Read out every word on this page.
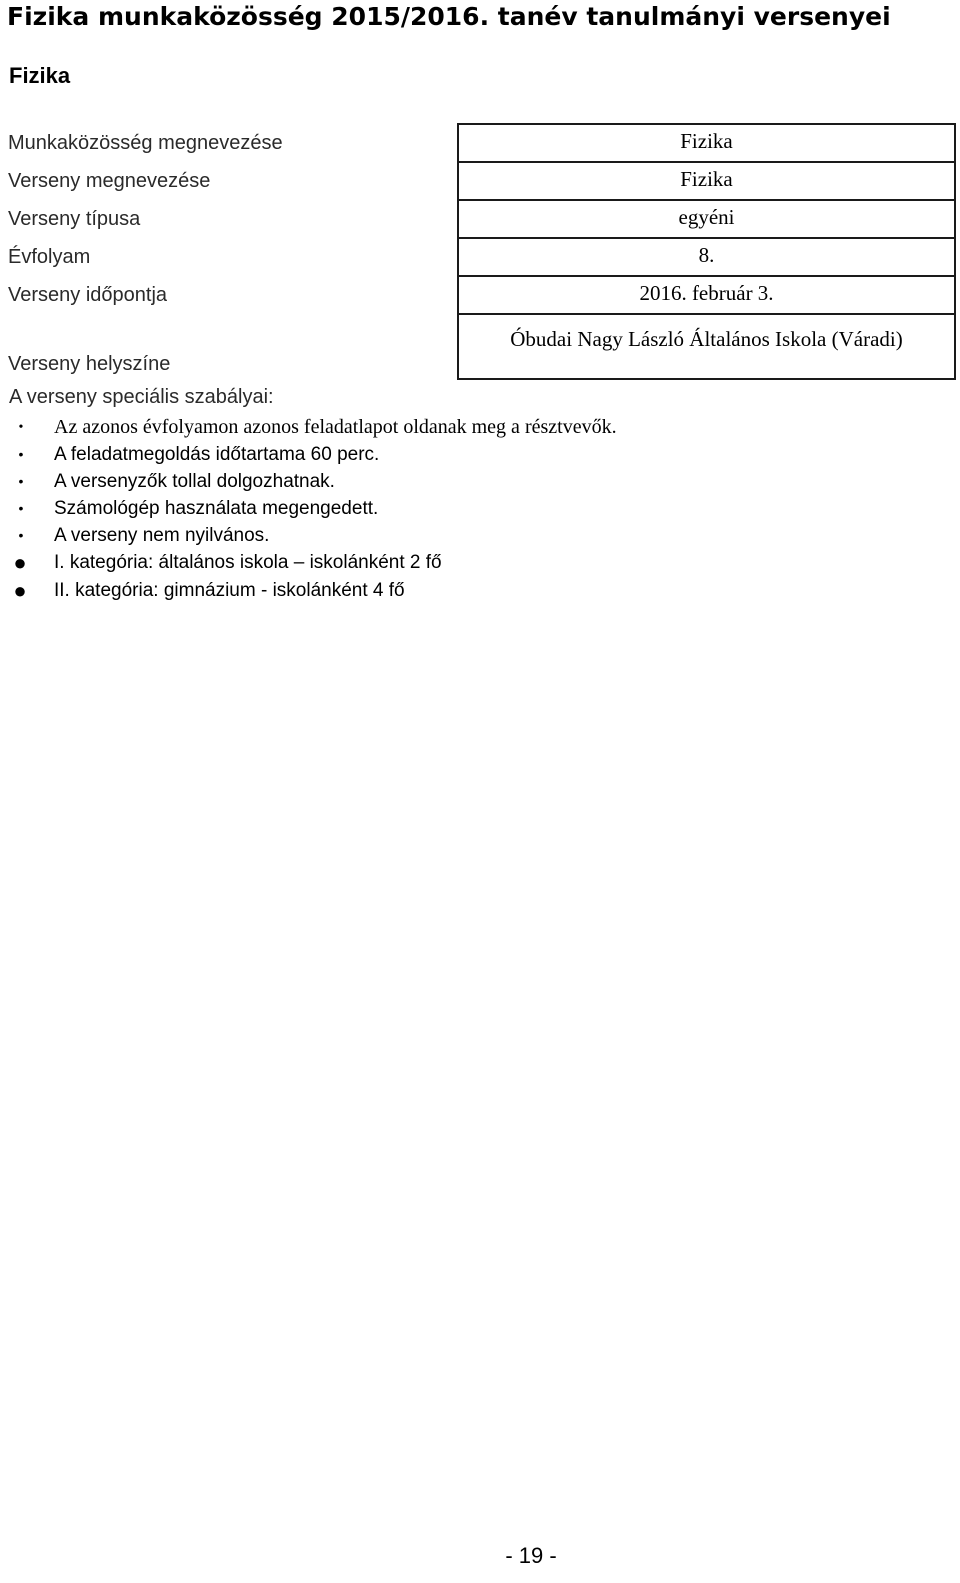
Fizika munkaközösség 2015/2016. tanév tanulmányi versenyei
Fizika
Munkaközösség megnevezése	Fizika
Verseny megnevezése	Fizika
Verseny típusa	egyéni
Évfolyam	8.
Verseny időpontja	2016. február 3.
Verseny helyszíne	Óbudai Nagy László Általános Iskola (Váradi)

A verseny speciális szabályai:

• Az azonos évfolyamon azonos feladatlapot oldanak meg a résztvevők.
• A feladatmegoldás időtartama 60 perc.
• A versenyzők tollal dolgozhatnak.
• Számológép használata megengedett.
• A verseny nem nyilvános.
● I. kategória: általános iskola – iskolánként 2 fő
● II. kategória: gimnázium - iskolánként 4 fő

- 19 -
